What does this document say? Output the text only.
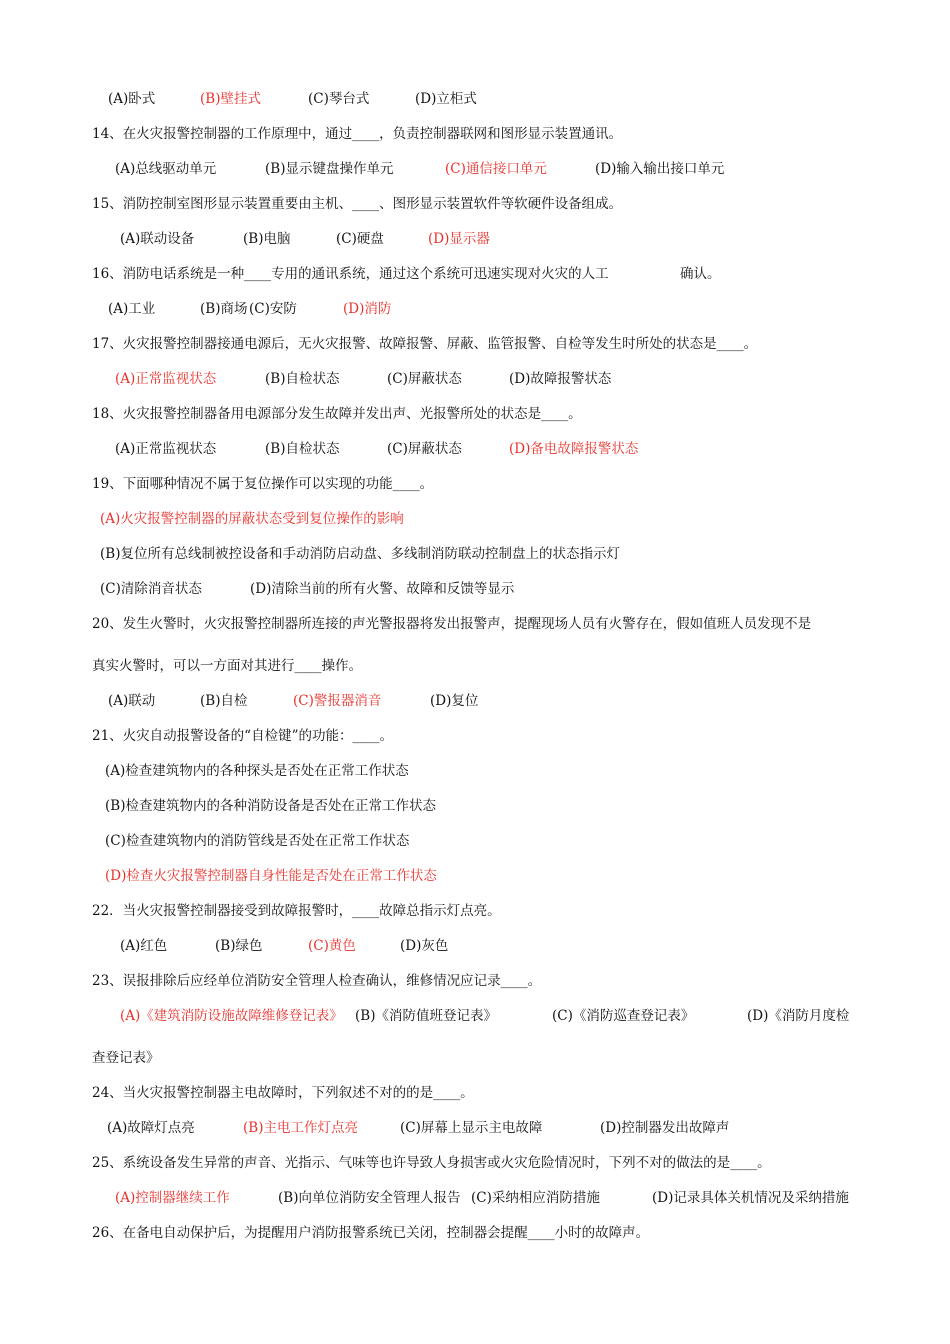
(A)卧式	(B)壁挂式	(C)琴台式	(D)立柜式
14、在火灾报警控制器的工作原理中，通过____，负责控制器联网和图形显示装置通讯。
(A)总线驱动单元	(B)显示键盘操作单元	(C)通信接口单元	(D)输入输出接口单元
15、消防控制室图形显示装置重要由主机、____、图形显示装置软件等软硬件设备组成。
(A)联动设备	(B)电脑	(C)硬盘	(D)显示器
16、消防电话系统是一种____专用的通讯系统，通过这个系统可迅速实现对火灾的人工	确认。
(A)工业	(B)商场 (C)安防	(D)消防
17、火灾报警控制器接通电源后，无火灾报警、故障报警、屏蔽、监管报警、自检等发生时所处的状态是____。
(A)正常监视状态	(B)自检状态	(C)屏蔽状态	(D)故障报警状态
18、火灾报警控制器备用电源部分发生故障并发出声、光报警所处的状态是____。
(A)正常监视状态	(B)自检状态	(C)屏蔽状态	(D)备电故障报警状态
19、下面哪种情况不属于复位操作可以实现的功能____。
(A)火灾报警控制器的屏蔽状态受到复位操作的影响
(B)复位所有总线制被控设备和手动消防启动盘、多线制消防联动控制盘上的状态指示灯
(C)清除消音状态	(D)清除当前的所有火警、故障和反馈等显示
20、发生火警时，火灾报警控制器所连接的声光警报器将发出报警声，提醒现场人员有火警存在，假如值班人员发现不是
真实火警时，可以一方面对其进行____操作。
(A)联动	(B)自检	(C)警报器消音	(D)复位
21、火灾自动报警设备的“自检键”的功能：____。
(A)检查建筑物内的各种探头是否处在正常工作状态
(B)检查建筑物内的各种消防设备是否处在正常工作状态
(C)检查建筑物内的消防管线是否处在正常工作状态
(D)检查火灾报警控制器自身性能是否处在正常工作状态
22．当火灾报警控制器接受到故障报警时，____故障总指示灯点亮。
(A)红色	(B)绿色	(C)黄色	(D)灰色
23、误报排除后应经单位消防安全管理人检查确认，维修情况应记录____。
(A)《建筑消防设施故障维修登记表》 (B)《消防值班登记表》	(C)《消防巡查登记表》	(D)《消防月度检
查登记表》
24、当火灾报警控制器主电故障时，下列叙述不对的的是____。
(A)故障灯点亮	(B)主电工作灯点亮	(C)屏幕上显示主电故障	(D)控制器发出故障声
25、系统设备发生异常的声音、光指示、气味等也许导致人身损害或火灾危险情况时，下列不对的做法的是____。
(A)控制器继续工作	(B)向单位消防安全管理人报告 (C)采纳相应消防措施	(D)记录具体关机情况及采纳措施
26、在备电自动保护后，为提醒用户消防报警系统已关闭，控制器会提醒____小时的故障声。
